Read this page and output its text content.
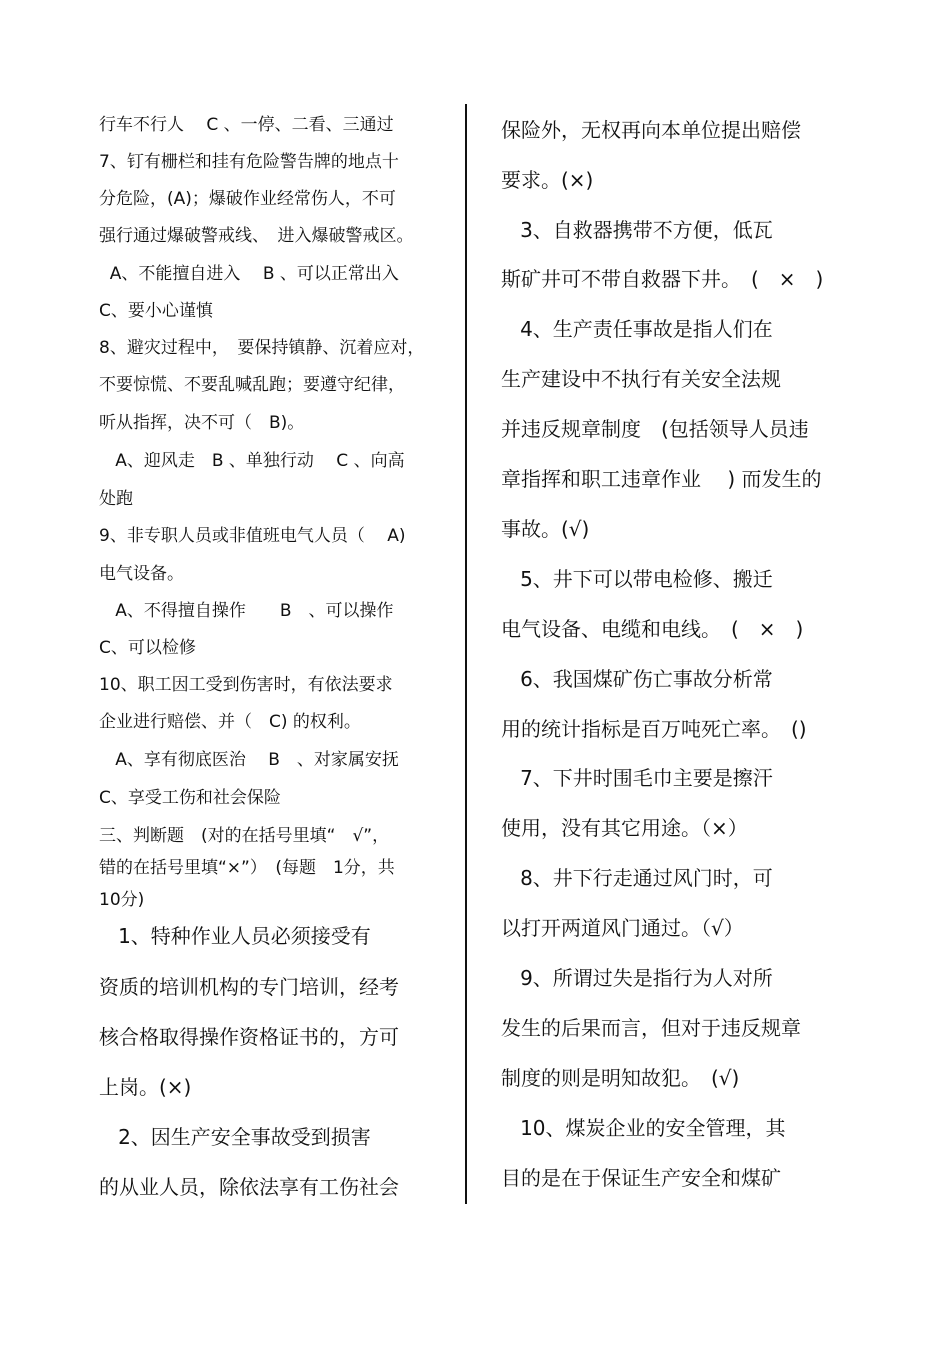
行车不行人　 C 、一停、二看、三通过
7、钉有栅栏和挂有危险警告牌的地点十
分危险，(A)；爆破作业经常伤人，不可
强行通过爆破警戒线、　进入爆破警戒区。
A、不能擅自进入　 B 、可以正常出入
C、要小心谨慎
8、避灾过程中，　要保持镇静、沉着应对，
不要惊慌、不要乱喊乱跑；要遵守纪律，
听从指挥，决不可（　B)。
A、迎风走　B 、单独行动　 C 、向高
处跑
9、非专职人员或非值班电气人员（　 A)
电气设备。
A、不得擅自操作　　B　、可以操作
C、可以检修
10、职工因工受到伤害时，有依法要求
企业进行赔偿、并（　C) 的权利。
A、享有彻底医治　 B　、对家属安抚
C、享受工伤和社会保险
三、判断题　(对的在括号里填“　√”，
错的在括号里填“×”）　(每题　1分，共
10分)
1、特种作业人员必须接受有
资质的培训机构的专门培训，经考
核合格取得操作资格证书的，方可
上岗。(×)
2、因生产安全事故受到损害
的从业人员，除依法享有工伤社会
保险外，无权再向本单位提出赔偿
要求。(×)
3、自救器携带不方便，低瓦
斯矿井可不带自救器下井。　(　×　)
4、生产责任事故是指人们在
生产建设中不执行有关安全法规
并违反规章制度　(包括领导人员违
章指挥和职工违章作业　 ) 而发生的
事故。(√)
5、井下可以带电检修、搬迁
电气设备、电缆和电线。　(　×　)
6、我国煤矿伤亡事故分析常
用的统计指标是百万吨死亡率。　()
7、下井时围毛巾主要是擦汗
使用，没有其它用途。（×）
8、井下行走通过风门时，可
以打开两道风门通过。（√）
9、所谓过失是指行为人对所
发生的后果而言，但对于违反规章
制度的则是明知故犯。　(√)
10、煤炭企业的安全管理，其
目的是在于保证生产安全和煤矿
